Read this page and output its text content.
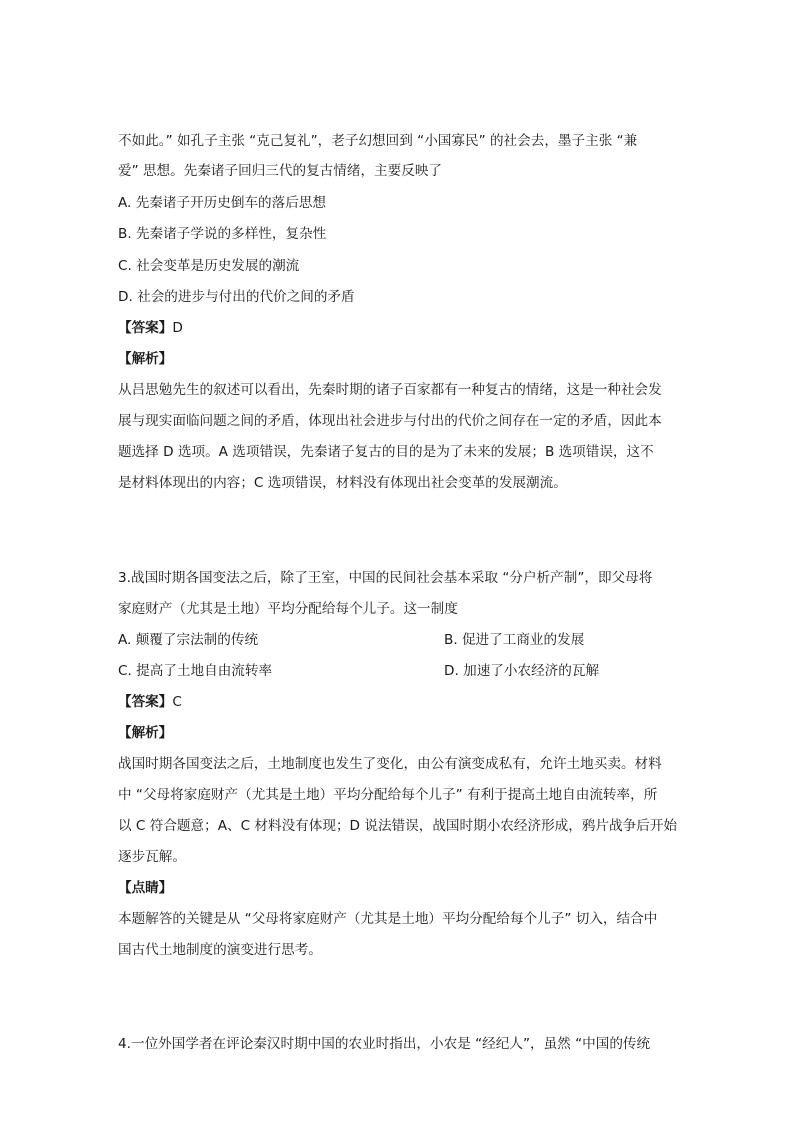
不如此。” 如孔子主张 “克己复礼”，老子幻想回到 “小国寡民” 的社会去，墨子主张 “兼
爱” 思想。先秦诸子回归三代的复古情绪，主要反映了
A. 先秦诸子开历史倒车的落后思想
B. 先秦诸子学说的多样性，复杂性
C. 社会变革是历史发展的潮流
D. 社会的进步与付出的代价之间的矛盾
【答案】D
【解析】
从吕思勉先生的叙述可以看出，先秦时期的诸子百家都有一种复古的情绪，这是一种社会发
展与现实面临问题之间的矛盾，体现出社会进步与付出的代价之间存在一定的矛盾，因此本
题选择 D 选项。A 选项错误，先秦诸子复古的目的是为了未来的发展；B 选项错误，这不
是材料体现出的内容；C 选项错误，材料没有体现出社会变革的发展潮流。
3.战国时期各国变法之后，除了王室，中国的民间社会基本采取 “分户析产制”，即父母将
家庭财产（尤其是土地）平均分配给每个儿子。这一制度
A. 颠覆了宗法制的传统	B. 促进了工商业的发展
C. 提高了土地自由流转率	D. 加速了小农经济的瓦解
【答案】C
【解析】
战国时期各国变法之后，土地制度也发生了变化，由公有演变成私有，允许土地买卖。材料
中 “父母将家庭财产（尤其是土地）平均分配给每个儿子” 有利于提高土地自由流转率，所
以 C 符合题意；A、C 材料没有体现；D 说法错误，战国时期小农经济形成，鸦片战争后开始
逐步瓦解。
【点睛】
本题解答的关键是从 “父母将家庭财产（尤其是土地）平均分配给每个儿子” 切入，结合中
国古代土地制度的演变进行思考。
4.一位外国学者在评论秦汉时期中国的农业时指出，小农是 “经纪人”，虽然 “中国的传统
